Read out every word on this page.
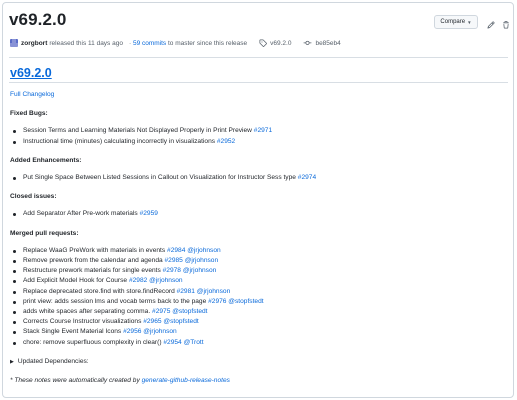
v69.2.0	Compare ▼
zorgbort released this 11 days ago · 59 commits
to master since this release	v69.2.0	be85eb4
v69.2.0
Full Changelog
Fixed Bugs:
Session Terms and Learning Materials Not Displayed Properly in Print Preview #2971
Instructional time (minutes) calculating incorrectly in visualizations #2952
Added Enhancements:
Put Single Space Between Listed Sessions in Callout on Visualization for Instructor Sess type #2974
Closed issues:
Add Separator After Pre-work materials #2959
Merged pull requests:
Replace WaaG PreWork with materials in events #2984 @jrjohnson
Remove prework from the calendar and agenda #2985 @jrjohnson
Restructure prework materials for single events #2978 @jrjohnson
Add Explicit Model Hook for Course #2982 @jrjohnson
Replace deprecated store.find with store.findRecord #2981 @jrjohnson
print view: adds session lms and vocab terms back to the page #2976 @stopfstedt
adds white spaces after separating comma. #2975 @stopfstedt
Corrects Course Instructor visualizations #2965 @stopfstedt
Stack Single Event Material Icons #2956 @jrjohnson
chore: remove superfluous complexity in clear() #2954 @Trott
▶ Updated Dependencies:
* These notes were automatically created by generate-github-release-notes
